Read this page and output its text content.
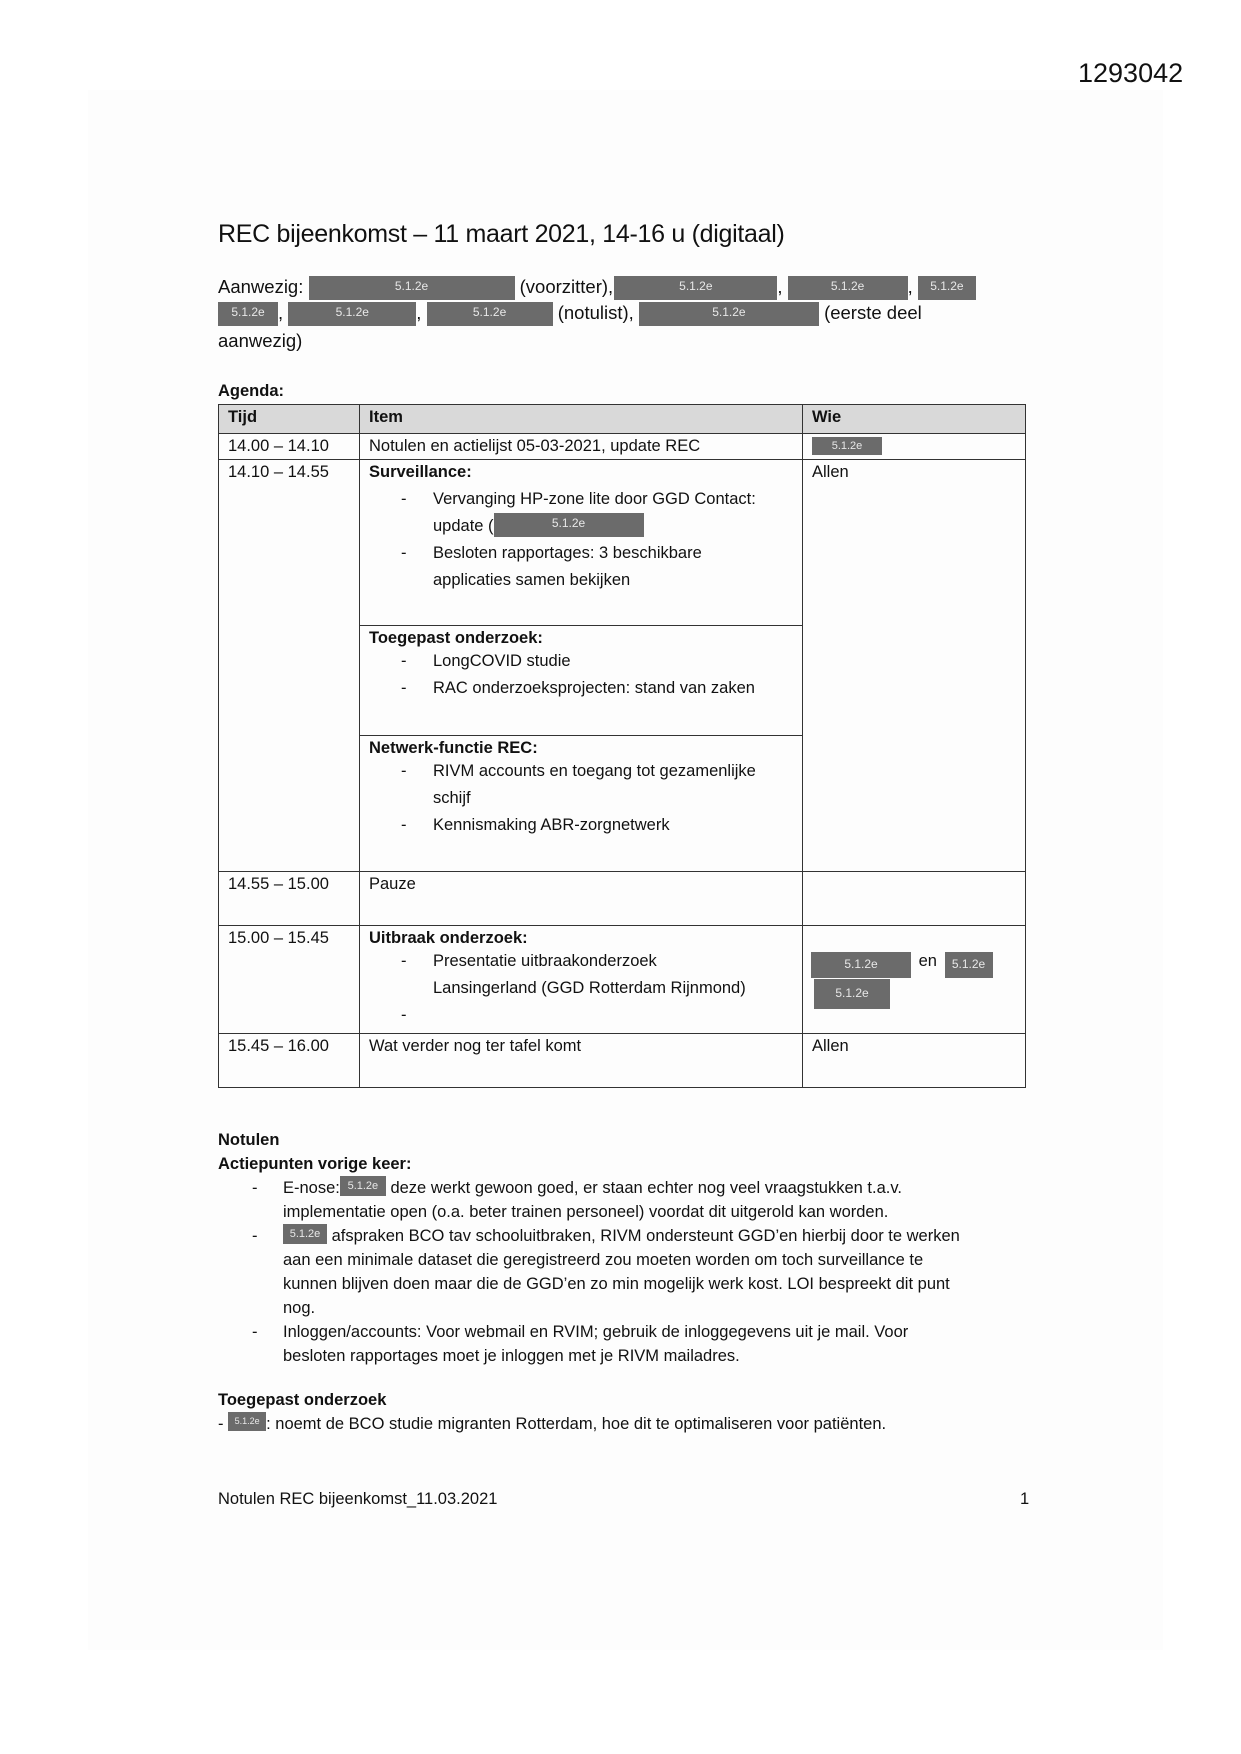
1293042
REC bijeenkomst – 11 maart 2021, 14-16 u (digitaal)
Aanwezig:	5.1.2e	(voorzitter),	5.1.2e	,	5.1.2e , 5.1.2e
5.1.2e ,	5.1.2e	,	5.1.2e	(notulist),	5.1.2e	(eerste deel
aanwezig)
Agenda:
Tijd	Item	Wie
14.00 – 14.10	Notulen en actielijst 05-03-2021, update REC	5.1.2e
14.10 – 14.55	Surveillance:
- Vervanging HP-zone lite door GGD Contact:
update (	5.1.2e
- Besloten rapportages: 3 beschikbare
applicaties samen bekijken
Toegepast onderzoek:
- LongCOVID studie
- RAC onderzoeksprojecten: stand van zaken
Netwerk-functie REC:
- RIVM accounts en toegang tot gezamenlijke
schijf
- Kennismaking ABR-zorgnetwerk
	Allen
14.55 – 15.00	Pauze	
15.00 – 15.45	Uitbraak onderzoek:
- Presentatie uitbraakonderzoek
Lansingerland (GGD Rotterdam Rijnmond)
-
	5.1.2e en 5.1.2e
5.1.2e

15.45 – 16.00	Wat verder nog ter tafel komt	Allen
Notulen
Actiepunten vorige keer:
- E-nose: 5.1.2e deze werkt gewoon goed, er staan echter nog veel vraagstukken t.a.v.
implementatie open (o.a. beter trainen personeel) voordat dit uitgerold kan worden.
-	5.1.2e afspraken BCO tav schooluitbraken, RIVM ondersteunt GGD’en hierbij door te werken
aan een minimale dataset die geregistreerd zou moeten worden om toch surveillance te
kunnen blijven doen maar die de GGD’en zo min mogelijk werk kost. LOI bespreekt dit punt
nog.
- Inloggen/accounts: Voor webmail en RVIM; gebruik de inloggegevens uit je mail. Voor
besloten rapportages moet je inloggen met je RIVM mailadres.
Toegepast onderzoek
- 5.1.2e : noemt de BCO studie migranten Rotterdam, hoe dit te optimaliseren voor patiënten.
Notulen REC bijeenkomst_11.03.2021	1
